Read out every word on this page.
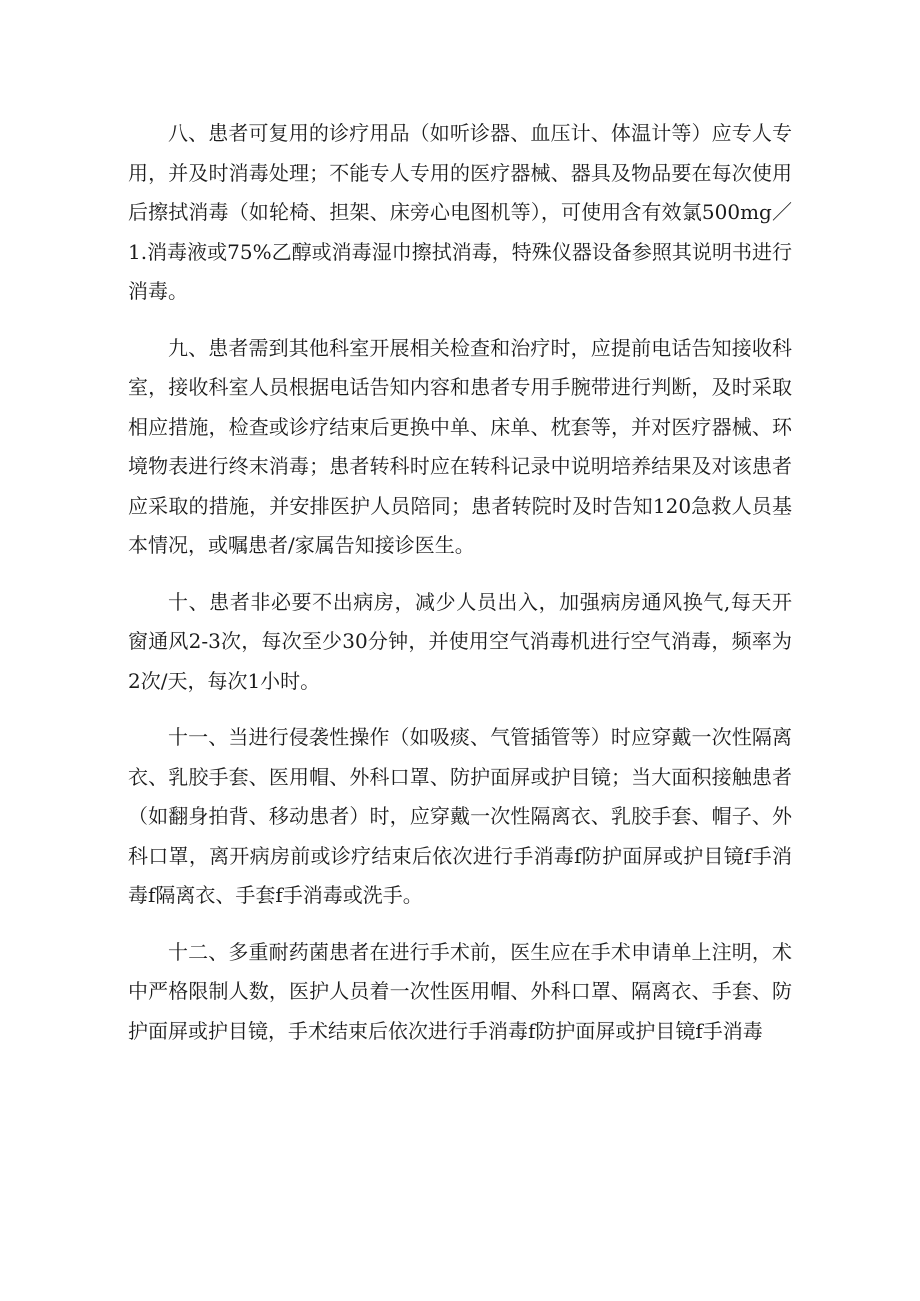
八、患者可复用的诊疗用品（如听诊器、血压计、体温计等）应专人专用，并及时消毒处理；不能专人专用的医疗器械、器具及物品要在每次使用后擦拭消毒（如轮椅、担架、床旁心电图机等），可使用含有效氯500mg／1.消毒液或75%乙醇或消毒湿巾擦拭消毒，特殊仪器设备参照其说明书进行消毒。

九、患者需到其他科室开展相关检查和治疗时，应提前电话告知接收科室，接收科室人员根据电话告知内容和患者专用手腕带进行判断，及时采取相应措施，检查或诊疗结束后更换中单、床单、枕套等，并对医疗器械、环境物表进行终末消毒；患者转科时应在转科记录中说明培养结果及对该患者应采取的措施，并安排医护人员陪同；患者转院时及时告知120急救人员基本情况，或嘱患者/家属告知接诊医生。

十、患者非必要不出病房，减少人员出入，加强病房通风换气,每天开窗通风2-3次，每次至少30分钟，并使用空气消毒机进行空气消毒，频率为2次/天，每次1小时。

十一、当进行侵袭性操作（如吸痰、气管插管等）时应穿戴一次性隔离衣、乳胶手套、医用帽、外科口罩、防护面屏或护目镜；当大面积接触患者（如翻身拍背、移动患者）时，应穿戴一次性隔离衣、乳胶手套、帽子、外科口罩，离开病房前或诊疗结束后依次进行手消毒f防护面屏或护目镜f手消毒f隔离衣、手套f手消毒或洗手。

十二、多重耐药菌患者在进行手术前，医生应在手术申请单上注明，术中严格限制人数，医护人员着一次性医用帽、外科口罩、隔离衣、手套、防护面屏或护目镜，手术结束后依次进行手消毒f防护面屏或护目镜f手消毒
